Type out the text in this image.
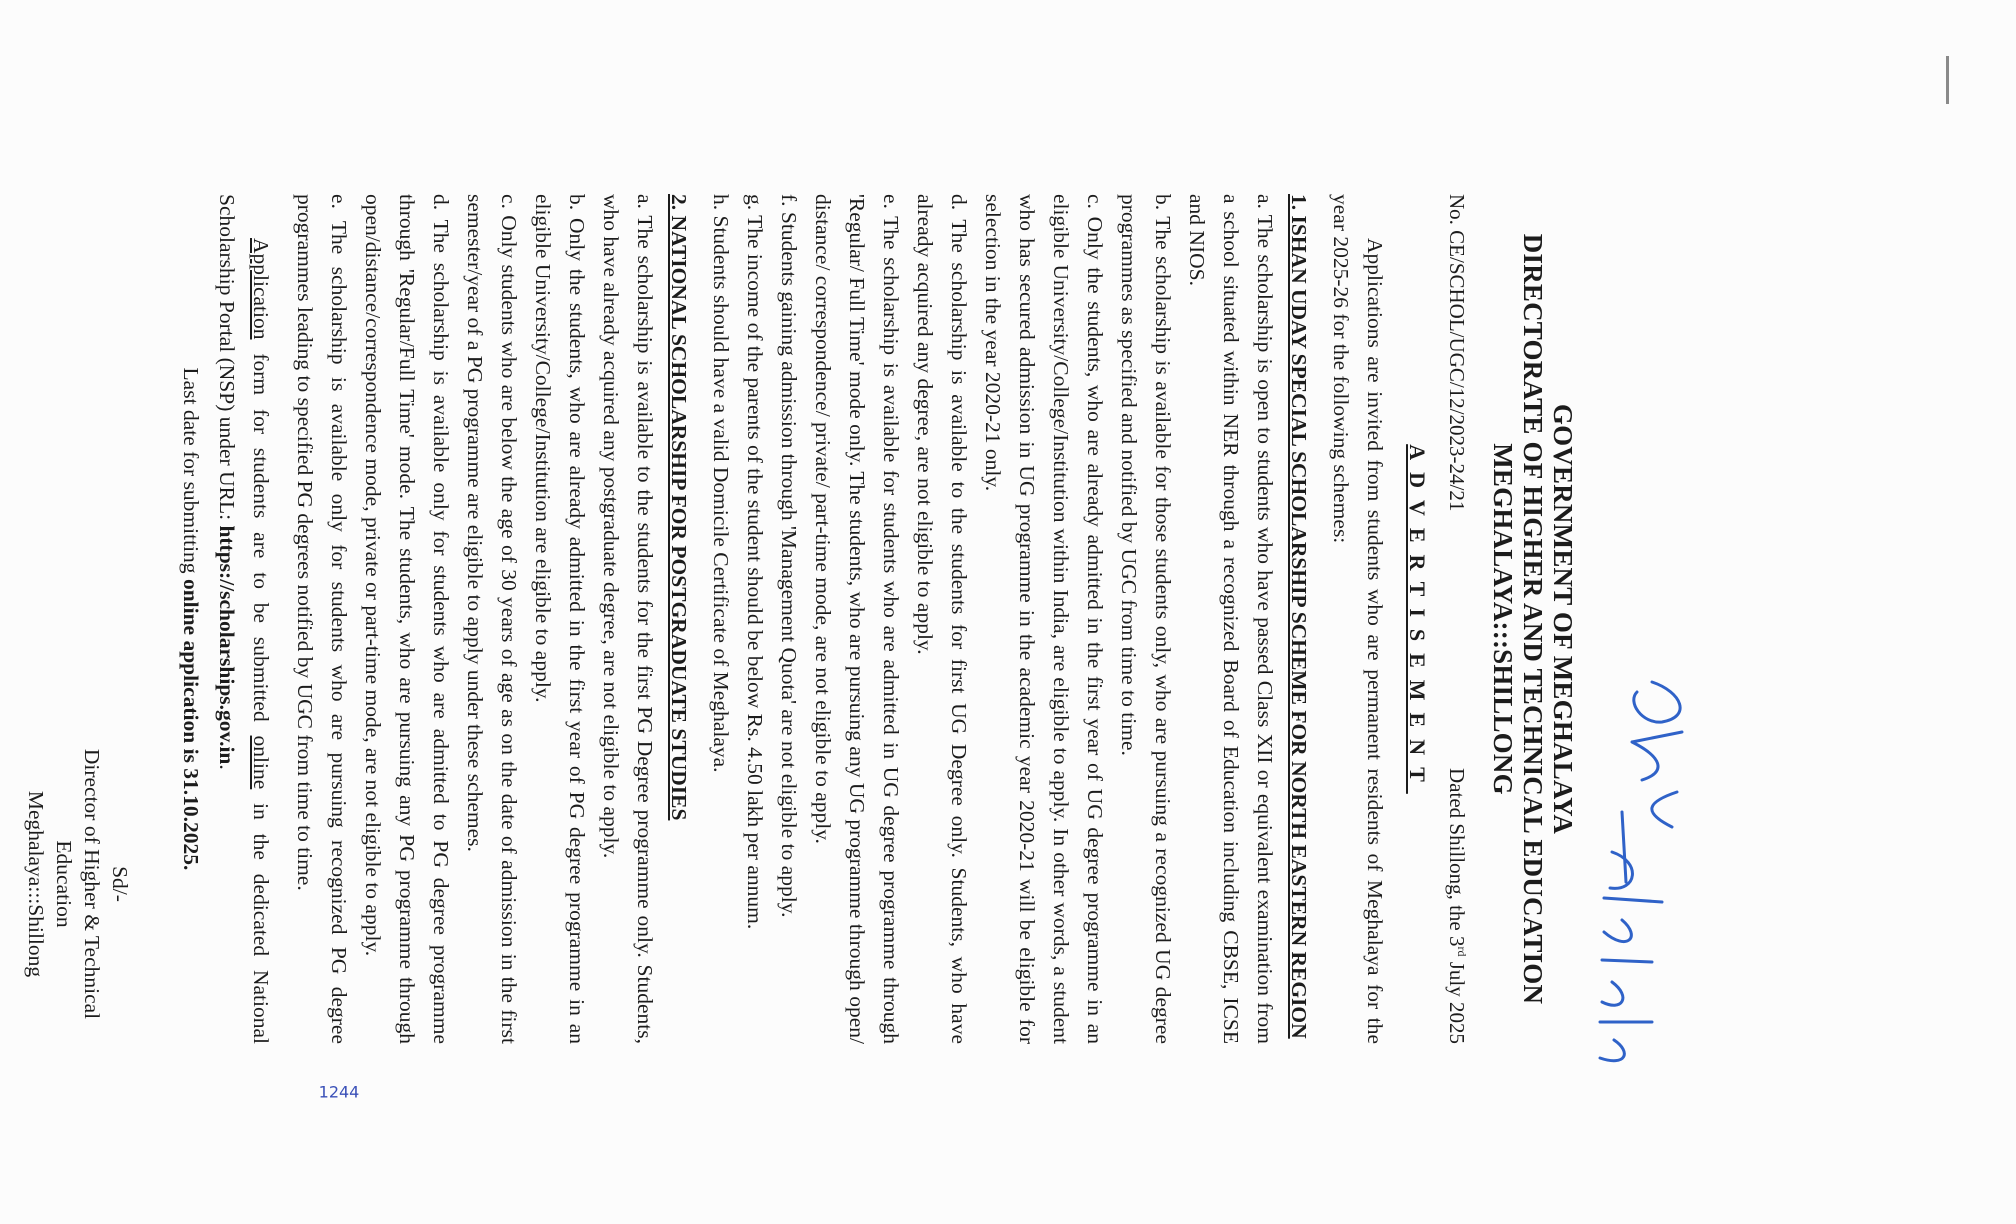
GOVERNMENT OF MEGHALAYA
DIRECTORATE OF HIGHER AND TECHNICAL EDUCATION
MEGHALAYA:::SHILLONG
No. CE/SCHOL/UGC/12/2023-24/21
Dated Shillong, the 3rd July 2025
ADVERTISEMENT
Applications are invited from students who are permanent residents of Meghalaya for the year 2025-26 for the following schemes:
1. ISHAN UDAY SPECIAL SCHOLARSHIP SCHEME FOR NORTH EASTERN REGION
a. The scholarship is open to students who have passed Class XII or equivalent examination from a school situated within NER through a recognized Board of Education including CBSE, ICSE and NIOS.
b. The scholarship is available for those students only, who are pursuing a recognized UG degree programmes as specified and notified by UGC from time to time.
c. Only the students, who are already admitted in the first year of UG degree programme in an eligible University/College/Institution within India, are eligible to apply. In other words, a student who has secured admission in UG programme in the academic year 2020-21 will be eligible for selection in the year 2020-21 only.
d. The scholarship is available to the students for first UG Degree only. Students, who have already acquired any degree, are not eligible to apply.
e. The scholarship is available for students who are admitted in UG degree programme through 'Regular/ Full Time' mode only. The students, who are pursuing any UG programme through open/ distance/ correspondence/ private/ part-time mode, are not eligible to apply.
f. Students gaining admission through 'Management Quota' are not eligible to apply.
g. The income of the parents of the student should be below Rs. 4.50 lakh per annum.
h. Students should have a valid Domicile Certificate of Meghalaya.
2. NATIONAL SCHOLARSHIP FOR POSTGRADUATE STUDIES
a. The scholarship is available to the students for the first PG Degree programme only. Students, who have already acquired any postgraduate degree, are not eligible to apply.
b. Only the students, who are already admitted in the first year of PG degree programme in an eligible University/College/Institution are eligible to apply.
c. Only students who are below the age of 30 years of age as on the date of admission in the first semester/year of a PG programme are eligible to apply under these schemes.
d. The scholarship is available only for students who are admitted to PG degree programme through 'Regular/Full Time' mode. The students, who are pursuing any PG programme through open/distance/correspondence mode, private or part-time mode, are not eligible to apply.
e. The scholarship is available only for students who are pursuing recognized PG degree programmes leading to specified PG degrees notified by UGC from time to time.
Application form for students are to be submitted online in the dedicated National Scholarship Portal (NSP) under URL: https://scholarships.gov.in.
Last date for submitting online application is 31.10.2025.
Sd/-
Director of Higher & Technical Education
Meghalaya:::Shillong
1244
